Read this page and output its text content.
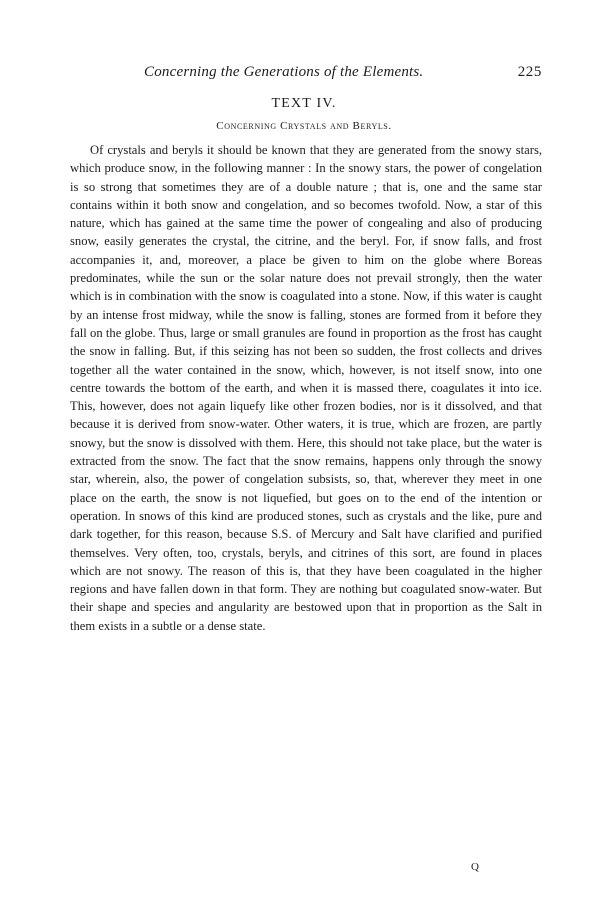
Concerning the Generations of the Elements.	225
TEXT IV.
Concerning Crystals and Beryls.

Of crystals and beryls it should be known that they are generated from the snowy stars, which produce snow, in the following manner : In the snowy stars, the power of congelation is so strong that sometimes they are of a double nature ; that is, one and the same star contains within it both snow and congelation, and so becomes twofold. Now, a star of this nature, which has gained at the same time the power of congealing and also of producing snow, easily generates the crystal, the citrine, and the beryl. For, if snow falls, and frost accompanies it, and, moreover, a place be given to him on the globe where Boreas predominates, while the sun or the solar nature does not prevail strongly, then the water which is in combination with the snow is coagulated into a stone. Now, if this water is caught by an intense frost midway, while the snow is falling, stones are formed from it before they fall on the globe. Thus, large or small granules are found in proportion as the frost has caught the snow in falling. But, if this seizing has not been so sudden, the frost collects and drives together all the water contained in the snow, which, however, is not itself snow, into one centre towards the bottom of the earth, and when it is massed there, coagulates it into ice. This, however, does not again liquefy like other frozen bodies, nor is it dissolved, and that because it is derived from snow-water. Other waters, it is true, which are frozen, are partly snowy, but the snow is dissolved with them. Here, this should not take place, but the water is extracted from the snow. The fact that the snow remains, happens only through the snowy star, wherein, also, the power of congelation subsists, so, that, wherever they meet in one place on the earth, the snow is not liquefied, but goes on to the end of the intention or operation. In snows of this kind are produced stones, such as crystals and the like, pure and dark together, for this reason, because S.S. of Mercury and Salt have clarified and purified themselves. Very often, too, crystals, beryls, and citrines of this sort, are found in places which are not snowy. The reason of this is, that they have been coagulated in the higher regions and have fallen down in that form. They are nothing but coagulated snow-water. But their shape and species and angularity are bestowed upon that in proportion as the Salt in them exists in a subtle or a dense state.

Q
